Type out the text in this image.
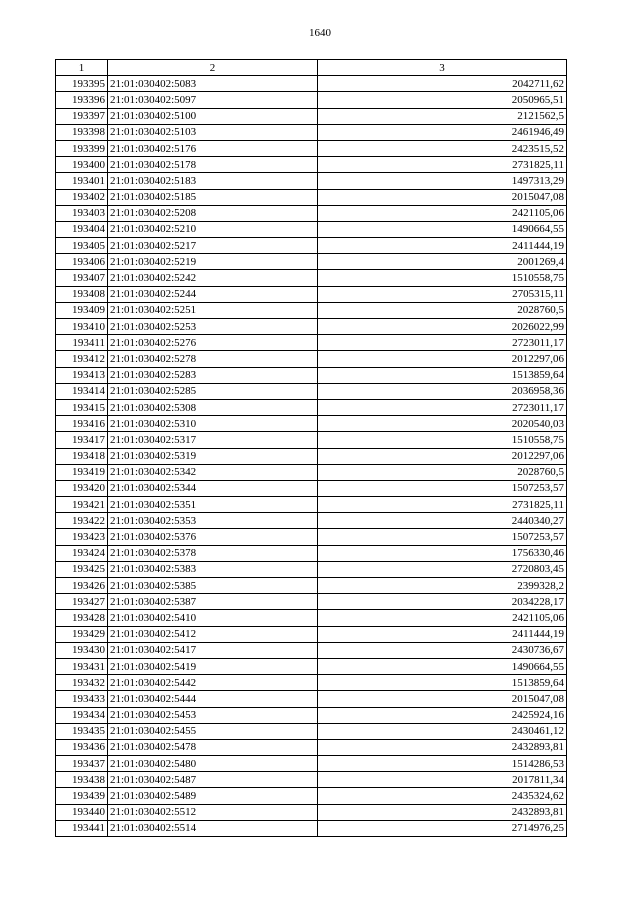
1640
1	2	3
193395	21:01:030402:5083	2042711,62
193396	21:01:030402:5097	2050965,51
193397	21:01:030402:5100	2121562,5
193398	21:01:030402:5103	2461946,49
193399	21:01:030402:5176	2423515,52
193400	21:01:030402:5178	2731825,11
193401	21:01:030402:5183	1497313,29
193402	21:01:030402:5185	2015047,08
193403	21:01:030402:5208	2421105,06
193404	21:01:030402:5210	1490664,55
193405	21:01:030402:5217	2411444,19
193406	21:01:030402:5219	2001269,4
193407	21:01:030402:5242	1510558,75
193408	21:01:030402:5244	2705315,11
193409	21:01:030402:5251	2028760,5
193410	21:01:030402:5253	2026022,99
193411	21:01:030402:5276	2723011,17
193412	21:01:030402:5278	2012297,06
193413	21:01:030402:5283	1513859,64
193414	21:01:030402:5285	2036958,36
193415	21:01:030402:5308	2723011,17
193416	21:01:030402:5310	2020540,03
193417	21:01:030402:5317	1510558,75
193418	21:01:030402:5319	2012297,06
193419	21:01:030402:5342	2028760,5
193420	21:01:030402:5344	1507253,57
193421	21:01:030402:5351	2731825,11
193422	21:01:030402:5353	2440340,27
193423	21:01:030402:5376	1507253,57
193424	21:01:030402:5378	1756330,46
193425	21:01:030402:5383	2720803,45
193426	21:01:030402:5385	2399328,2
193427	21:01:030402:5387	2034228,17
193428	21:01:030402:5410	2421105,06
193429	21:01:030402:5412	2411444,19
193430	21:01:030402:5417	2430736,67
193431	21:01:030402:5419	1490664,55
193432	21:01:030402:5442	1513859,64
193433	21:01:030402:5444	2015047,08
193434	21:01:030402:5453	2425924,16
193435	21:01:030402:5455	2430461,12
193436	21:01:030402:5478	2432893,81
193437	21:01:030402:5480	1514286,53
193438	21:01:030402:5487	2017811,34
193439	21:01:030402:5489	2435324,62
193440	21:01:030402:5512	2432893,81
193441	21:01:030402:5514	2714976,25
